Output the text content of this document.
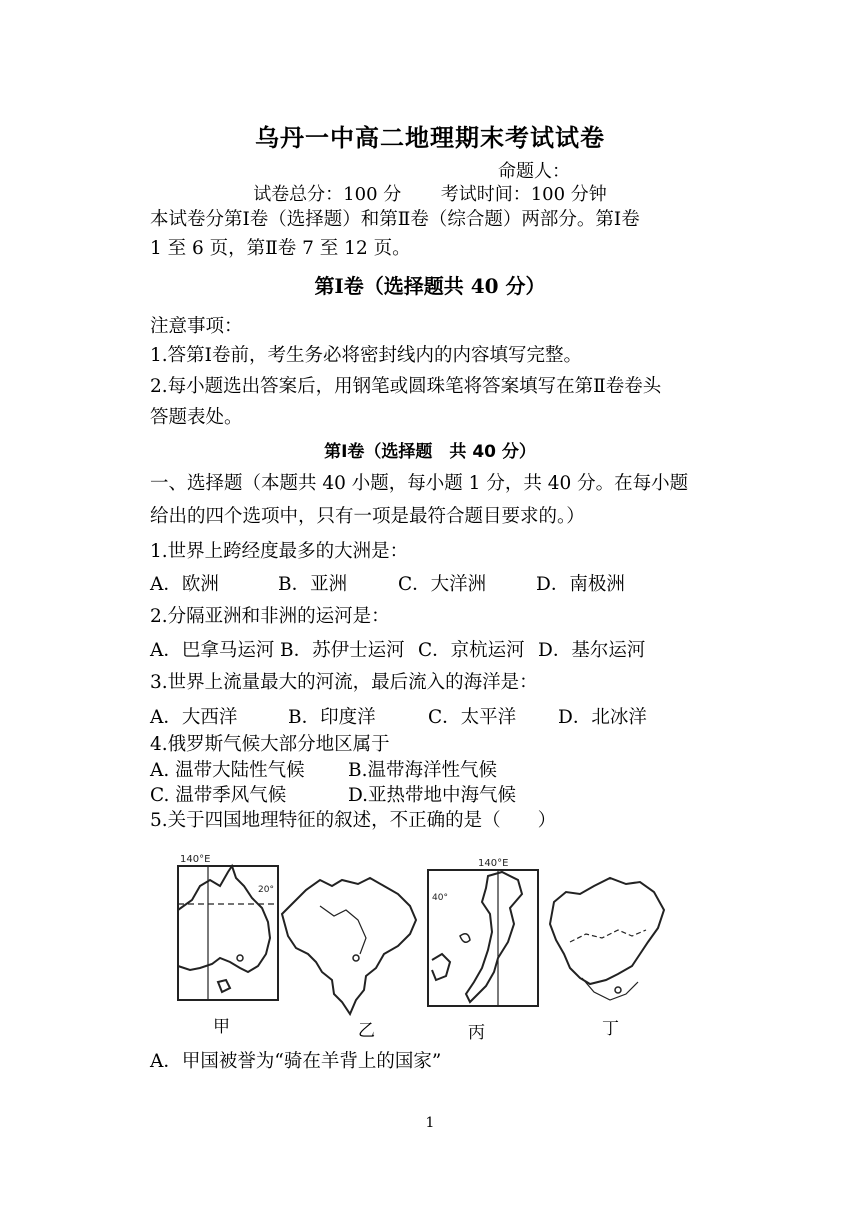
乌丹一中高二地理期末考试试卷
命题人：
试卷总分：100 分 考试时间：100 分钟
本试卷分第Ⅰ卷（选择题）和第Ⅱ卷（综合题）两部分。第Ⅰ卷
1 至 6 页，第Ⅱ卷 7 至 12 页。
第Ⅰ卷（选择题共 40 分）
注意事项：
1.答第Ⅰ卷前，考生务必将密封线内的内容填写完整。
2.每小题选出答案后，用钢笔或圆珠笔将答案填写在第Ⅱ卷卷头
答题表处。
第Ⅰ卷（选择题　共 40 分）
一、选择题（本题共 40 小题，每小题 1 分，共 40 分。在每小题
给出的四个选项中，只有一项是最符合题目要求的。）
1.世界上跨经度最多的大洲是：
A．欧洲	B．亚洲	C．大洋洲	D．南极洲
2.分隔亚洲和非洲的运河是：
A．巴拿马运河 B．苏伊士运河 C．京杭运河 D．基尔运河
3.世界上流量最大的河流，最后流入的海洋是：
A．大西洋	B．印度洋	C．太平洋 D．北冰洋
4.俄罗斯气候大部分地区属于
A. 温带大陆性气候 B.温带海洋性气候
C. 温带季风气候	D.亚热带地中海气候
5.关于四国地理特征的叙述，不正确的是（　　）
140°E
20°
140°E
40°
甲	乙	丙	丁
A．甲国被誉为“骑在羊背上的国家”
1
